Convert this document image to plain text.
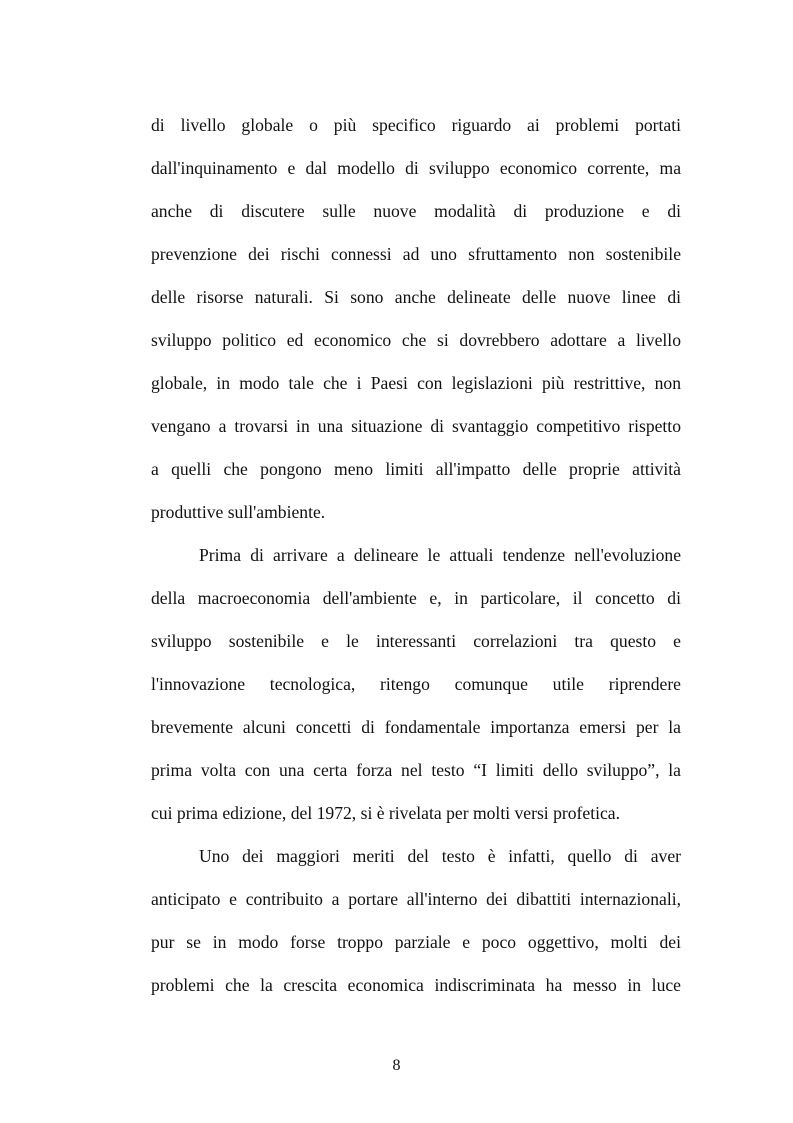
di livello globale o più specifico riguardo ai problemi portati
dall'inquinamento e dal modello di sviluppo economico corrente, ma
anche di discutere sulle nuove modalità di produzione e di
prevenzione dei rischi connessi ad uno sfruttamento non sostenibile
delle risorse naturali. Si sono anche delineate delle nuove linee di
sviluppo politico ed economico che si dovrebbero adottare a livello
globale, in modo tale che i Paesi con legislazioni più restrittive, non
vengano a trovarsi in una situazione di svantaggio competitivo rispetto
a quelli che pongono meno limiti all'impatto delle proprie attività
produttive sull'ambiente.
Prima di arrivare a delineare le attuali tendenze nell'evoluzione
della macroeconomia dell'ambiente e, in particolare, il concetto di
sviluppo sostenibile e le interessanti correlazioni tra questo e
l'innovazione tecnologica, ritengo comunque utile riprendere
brevemente alcuni concetti di fondamentale importanza emersi per la
prima volta con una certa forza nel testo “I limiti dello sviluppo”, la
cui prima edizione, del 1972, si è rivelata per molti versi profetica.
Uno dei maggiori meriti del testo è infatti, quello di aver
anticipato e contribuito a portare all'interno dei dibattiti internazionali,
pur se in modo forse troppo parziale e poco oggettivo, molti dei
problemi che la crescita economica indiscriminata ha messo in luce
8
